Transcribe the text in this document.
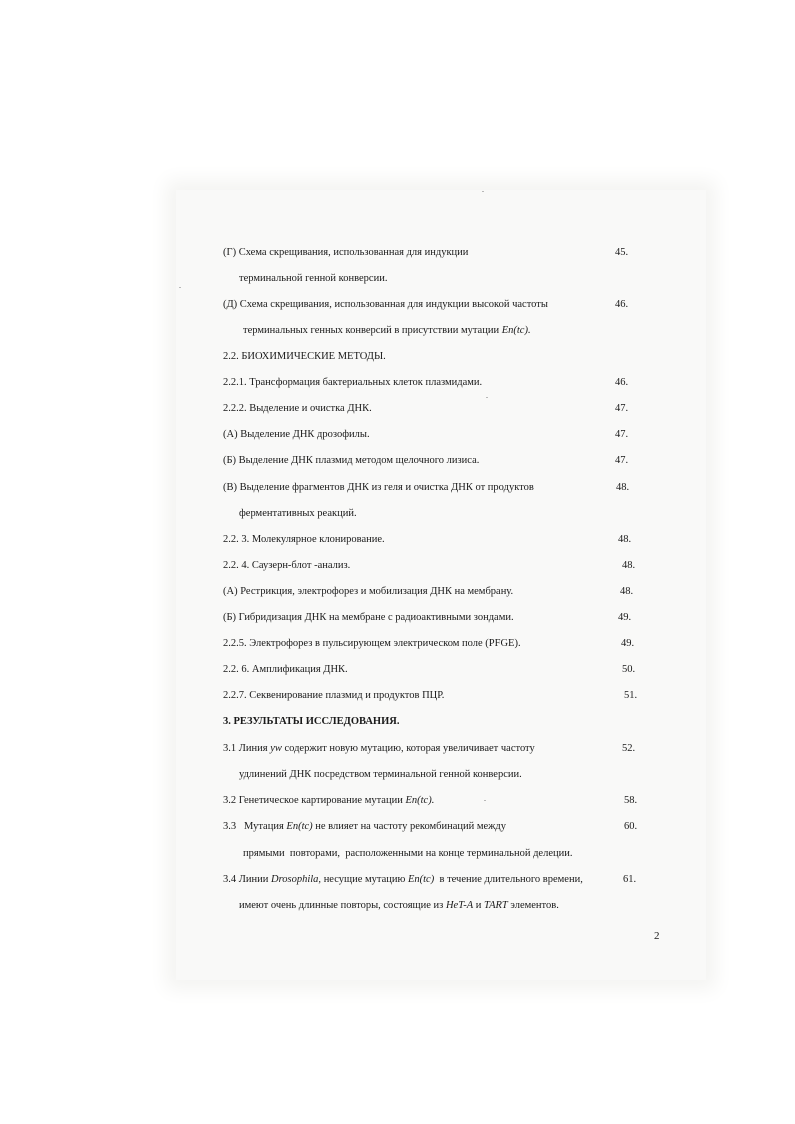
(Г) Схема скрещивания, использованная для индукции	45.
терминальной генной конверсии.
(Д) Схема скрещивания, использованная для индукции высокой частоты	46.
терминальных генных конверсий в присутствии мутации En(tc).
2.2. БИОХИМИЧЕСКИЕ МЕТОДЫ.
2.2.1. Трансформация бактериальных клеток плазмидами.	46.
2.2.2. Выделение и очистка ДНК.	47.
(А) Выделение ДНК дрозофилы.	47.
(Б) Выделение ДНК плазмид методом щелочного лизиса.	47.
(В) Выделение фрагментов ДНК из геля и очистка ДНК от продуктов	48.
ферментативных реакций.
2.2. 3. Молекулярное клонирование.	48.
2.2. 4. Саузерн-блот -анализ.	48.
(А) Рестрикция, электрофорез и мобилизация ДНК на мембрану.	48.
(Б) Гибридизация ДНК на мембране с радиоактивными зондами.	49.
2.2.5. Электрофорез в пульсирующем электрическом поле (PFGE).	49.
2.2. 6. Амплификация ДНК.	50.
2.2.7. Секвенирование плазмид и продуктов ПЦР.	51.
3. РЕЗУЛЬТАТЫ ИССЛЕДОВАНИЯ.
3.1 Линия yw содержит новую мутацию, которая увеличивает частоту	52.
удлинений ДНК посредством терминальной генной конверсии.
3.2 Генетическое картирование мутации En(tc).	58.
3.3   Мутация En(tc) не влияет на частоту рекомбинаций между	60.
прямыми  повторами,  расположенными на конце терминальной делеции.
3.4 Линии Drosophila, несущие мутацию En(tc)  в течение длительного времени,	61.
имеют очень длинные повторы, состоящие из HeT-A и TART элементов.
2
